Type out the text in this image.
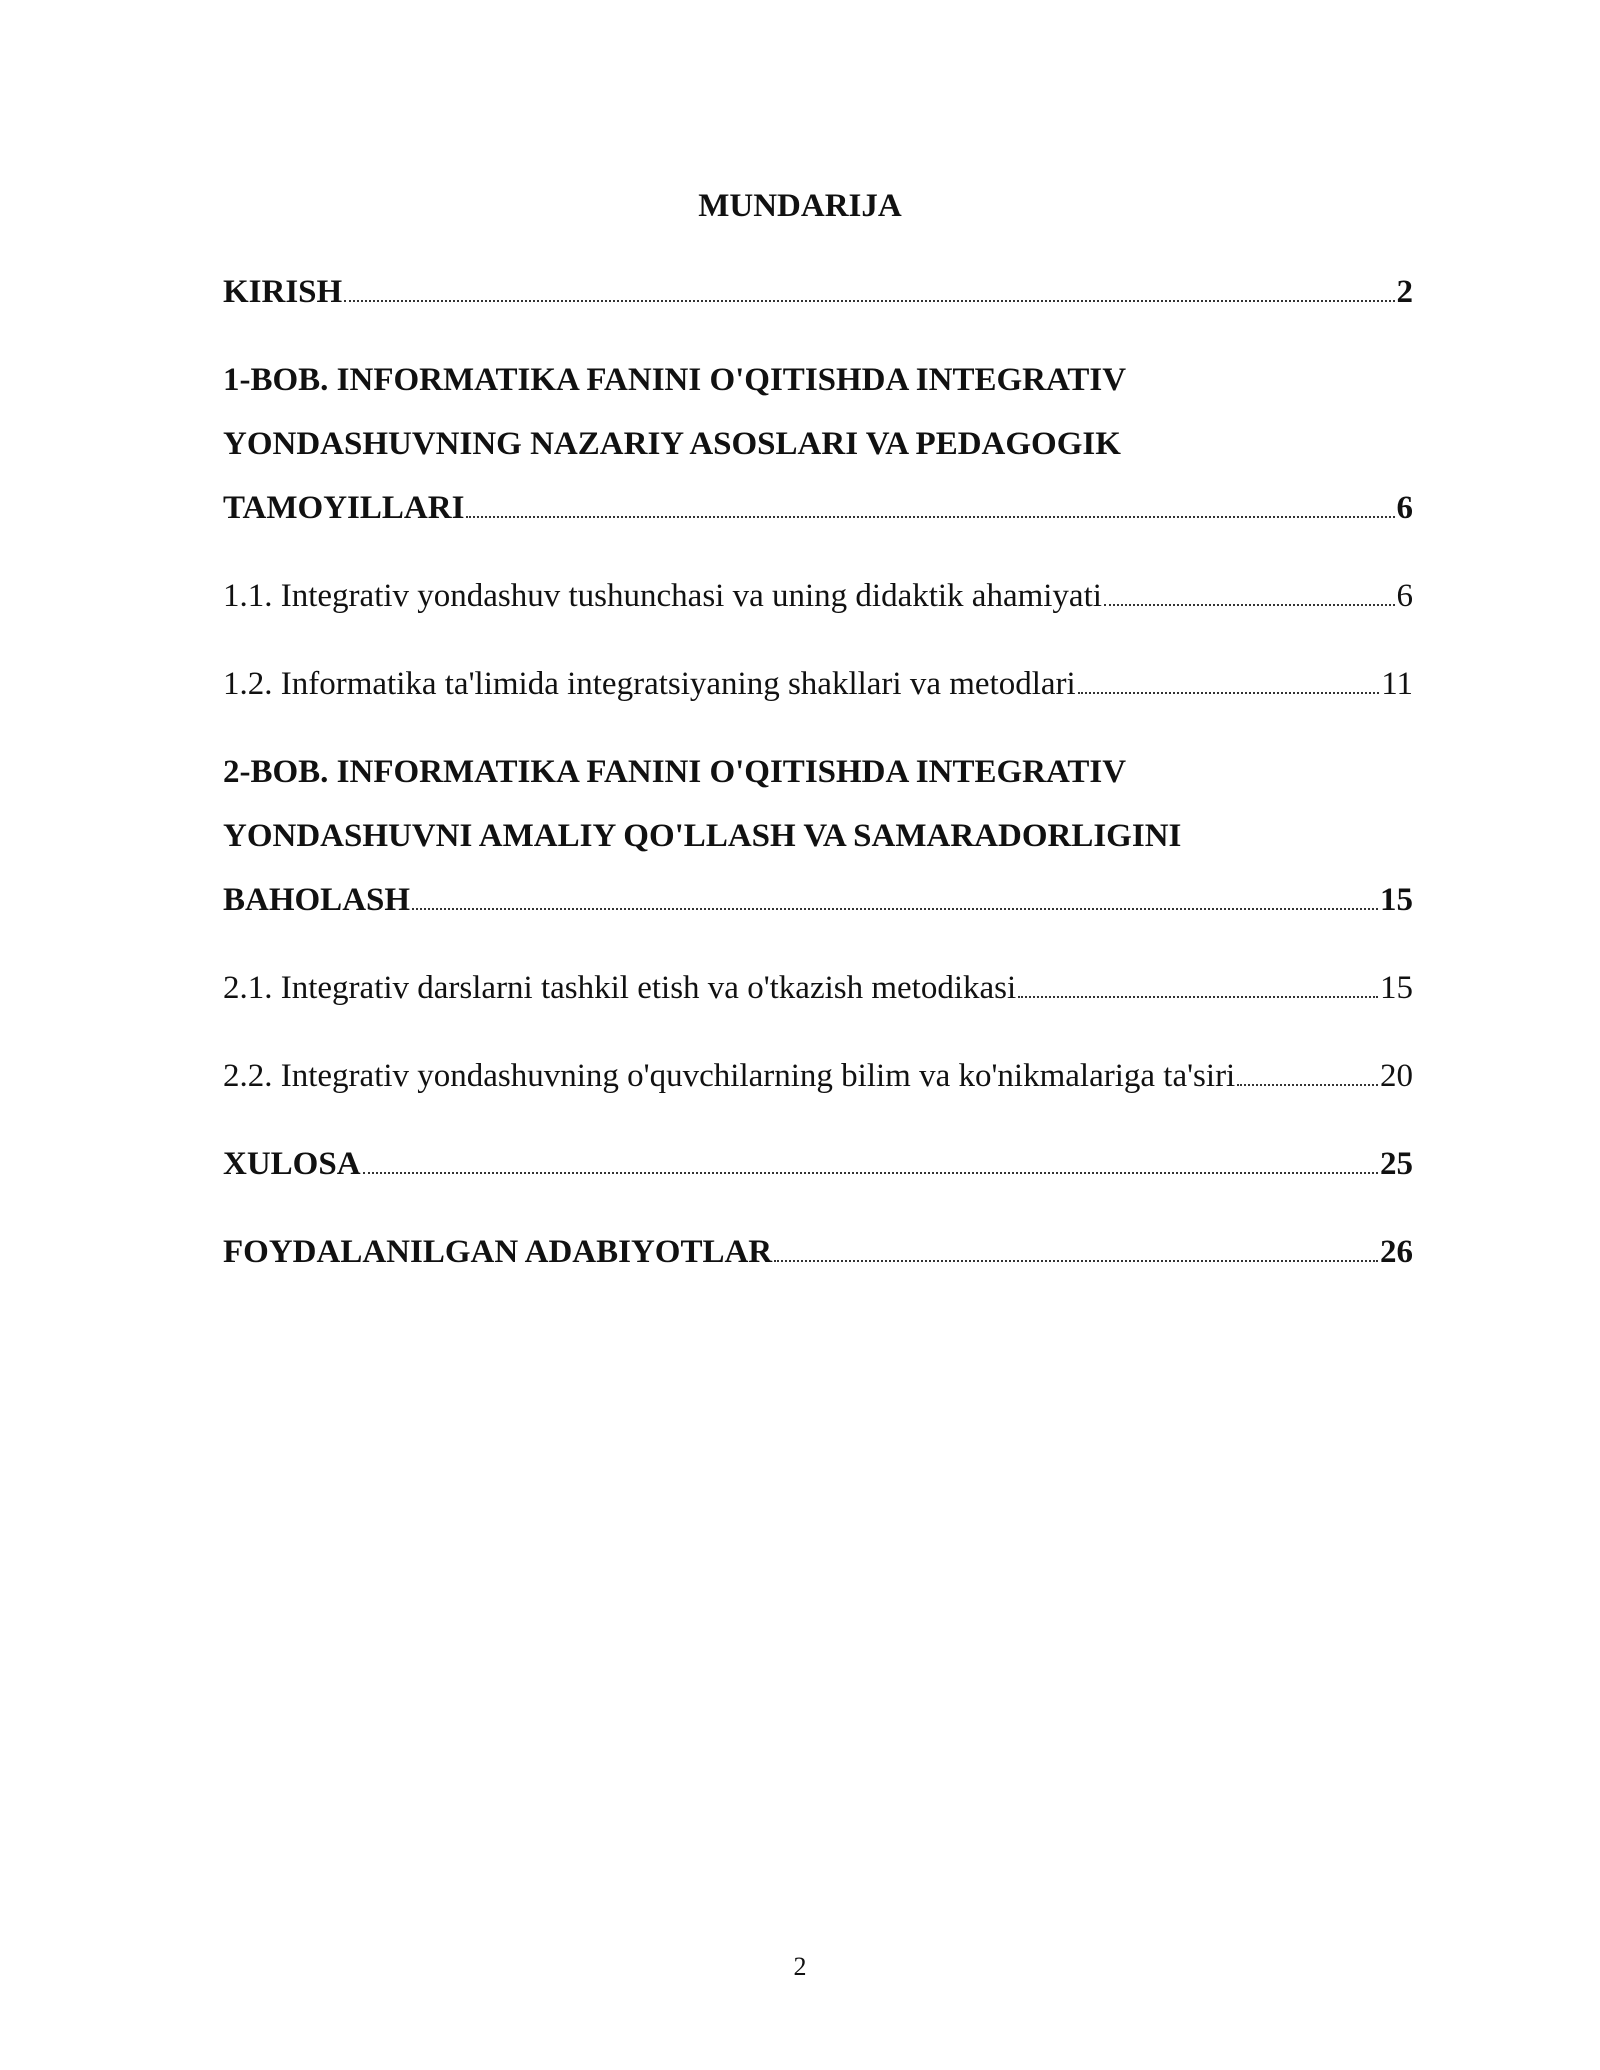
MUNDARIJA
KIRISH	2
1-BOB. INFORMATIKA FANINI O'QITISHDA INTEGRATIV
YONDASHUVNING NAZARIY ASOSLARI VA PEDAGOGIK
TAMOYILLARI	6
1.1. Integrativ yondashuv tushunchasi va uning didaktik ahamiyati	6
1.2. Informatika ta'limida integratsiyaning shakllari va metodlari	11
2-BOB. INFORMATIKA FANINI O'QITISHDA INTEGRATIV
YONDASHUVNI AMALIY QO'LLASH VA SAMARADORLIGINI
BAHOLASH	15
2.1. Integrativ darslarni tashkil etish va o'tkazish metodikasi	15
2.2. Integrativ yondashuvning o'quvchilarning bilim va ko'nikmalariga ta'siri	20
XULOSA	25
FOYDALANILGAN ADABIYOTLAR	26
2
